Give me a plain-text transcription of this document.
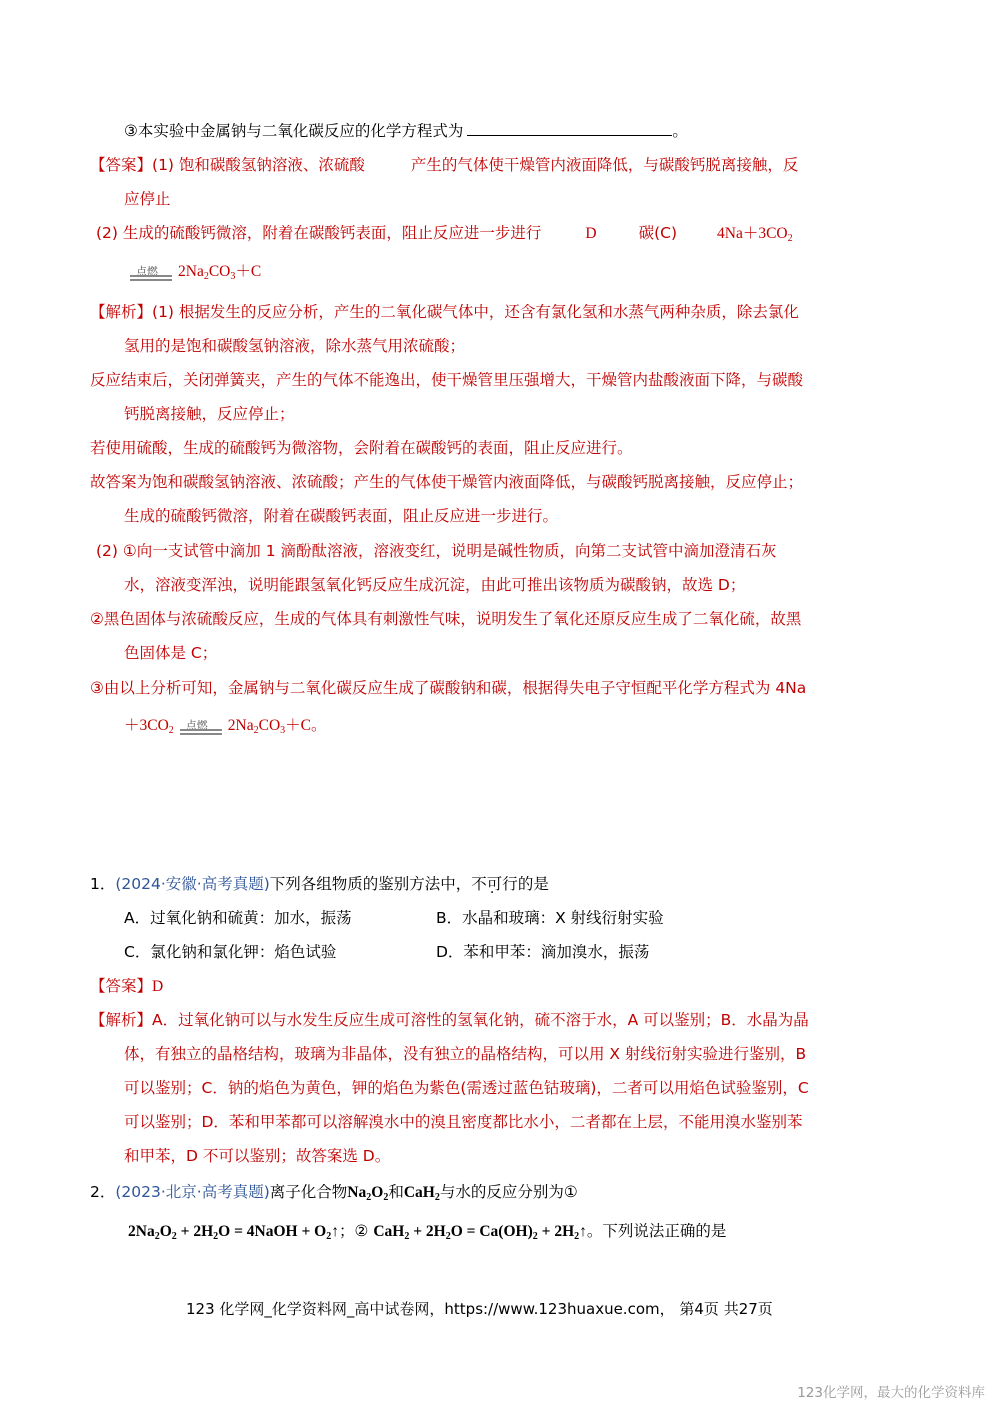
③本实验中金属钠与二氧化碳反应的化学方程式为	。
【答案】(1) 饱和碳酸氢钠溶液、浓硫酸	产生的气体使干燥管内液面降低，与碳酸钙脱离接触，反
应停止
(2) 生成的硫酸钙微溶，附着在碳酸钙表面，阻止反应进一步进行	D	碳(C)	$4Na+3CO_2$
点燃 $2Na_2CO_3+C$
【解析】(1) 根据发生的反应分析，产生的二氧化碳气体中，还含有氯化氢和水蒸气两种杂质，除去氯化
氢用的是饱和碳酸氢钠溶液，除水蒸气用浓硫酸；
反应结束后，关闭弹簧夹，产生的气体不能逸出，使干燥管里压强增大，干燥管内盐酸液面下降，与碳酸
钙脱离接触，反应停止；
若使用硫酸，生成的硫酸钙为微溶物，会附着在碳酸钙的表面，阻止反应进行。
故答案为饱和碳酸氢钠溶液、浓硫酸；产生的气体使干燥管内液面降低，与碳酸钙脱离接触，反应停止；
生成的硫酸钙微溶，附着在碳酸钙表面，阻止反应进一步进行。
(2) ①向一支试管中滴加 1 滴酚酞溶液，溶液变红，说明是碱性物质，向第二支试管中滴加澄清石灰
水，溶液变浑浊，说明能跟氢氧化钙反应生成沉淀，由此可推出该物质为碳酸钠，故选 D；
②黑色固体与浓硫酸反应，生成的气体具有刺激性气味，说明发生了氧化还原反应生成了二氧化硫，故黑
色固体是 C；
③由以上分析可知，金属钠与二氧化碳反应生成了碳酸钠和碳，根据得失电子守恒配平化学方程式为 4Na
$+3CO_2$ 点燃 $2Na_2CO_3+C$。
1．(2024·安徽·高考真题)下列各组物质的鉴别方法中，不可行的是
A．过氧化钠和硫黄：加水，振荡	B．水晶和玻璃：X 射线衍射实验
C．氯化钠和氯化钾：焰色试验	D．苯和甲苯：滴加溴水，振荡
【答案】D
【解析】A．过氧化钠可以与水发生反应生成可溶性的氢氧化钠，硫不溶于水，A 可以鉴别；B．水晶为晶
体，有独立的晶格结构，玻璃为非晶体，没有独立的晶格结构，可以用 X 射线衍射实验进行鉴别，B
可以鉴别；C．钠的焰色为黄色，钾的焰色为紫色(需透过蓝色钴玻璃)，二者可以用焰色试验鉴别，C
可以鉴别；D．苯和甲苯都可以溶解溴水中的溴且密度都比水小，二者都在上层，不能用溴水鉴别苯
和甲苯，D 不可以鉴别；故答案选 D。
2．(2023·北京·高考真题)离子化合物$Na_2O_2$和CaH$_2$与水的反应分别为①
$2Na_2O_2 + 2H_2O$ = 4NaOH + $O_2↑$；② $CaH_2 + 2H_2O = Ca(OH)_2$ + $2H_2↑$。下列说法正确的是
123 化学网_化学资料网_高中试卷网，https://www.123huaxue.com， 第4页 共27页
123化学网，最大的化学资料库
